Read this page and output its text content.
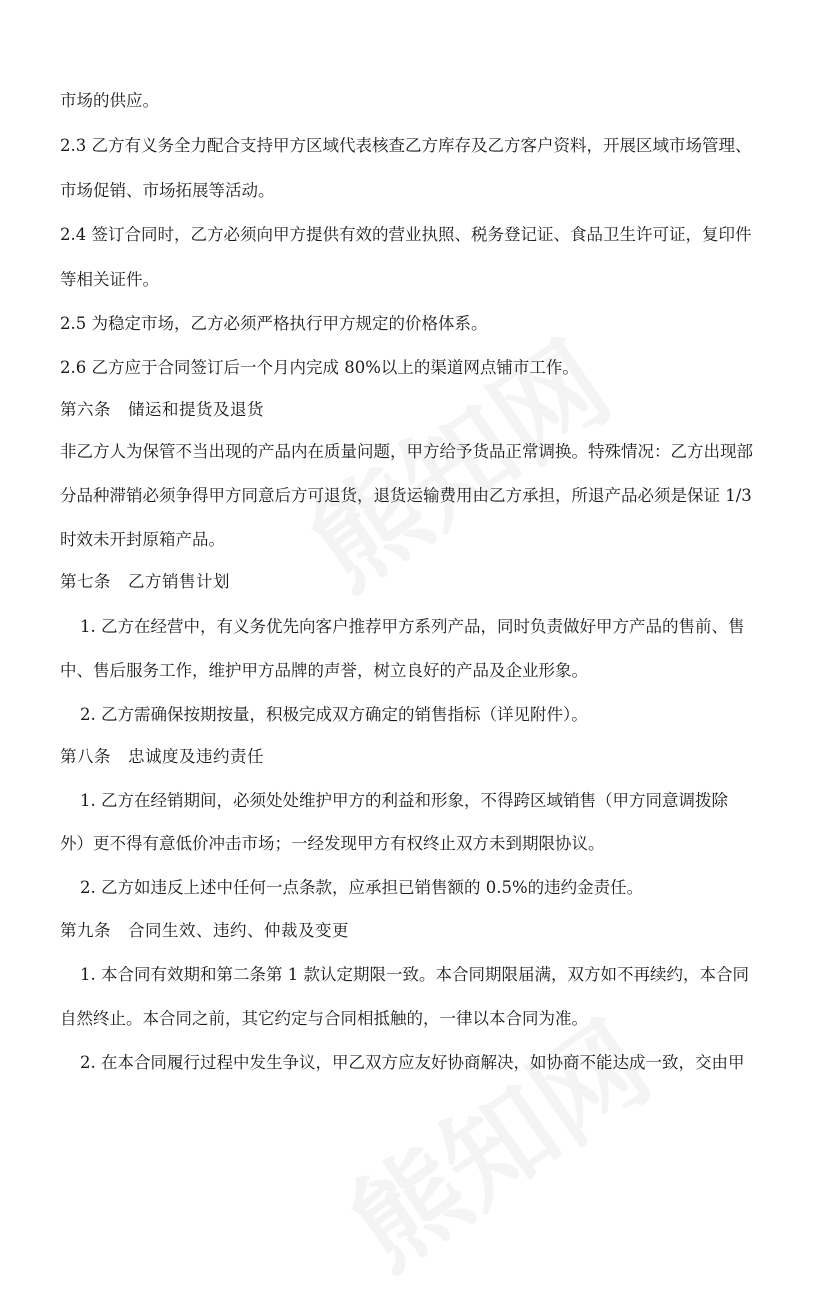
市场的供应。
2.3 乙方有义务全力配合支持甲方区域代表核查乙方库存及乙方客户资料，开展区域市场管理、
市场促销、市场拓展等活动。
2.4 签订合同时，乙方必须向甲方提供有效的营业执照、税务登记证、食品卫生许可证，复印件
等相关证件。
2.5 为稳定市场，乙方必须严格执行甲方规定的价格体系。
2.6 乙方应于合同签订后一个月内完成 80%以上的渠道网点铺市工作。
第六条　储运和提货及退货
非乙方人为保管不当出现的产品内在质量问题，甲方给予货品正常调换。特殊情况：乙方出现部
分品种滞销必须争得甲方同意后方可退货，退货运输费用由乙方承担，所退产品必须是保证 1/3
时效未开封原箱产品。
第七条　乙方销售计划
1. 乙方在经营中，有义务优先向客户推荐甲方系列产品，同时负责做好甲方产品的售前、售
中、售后服务工作，维护甲方品牌的声誉，树立良好的产品及企业形象。
2. 乙方需确保按期按量，积极完成双方确定的销售指标（详见附件）。
第八条　忠诚度及违约责任
1. 乙方在经销期间，必须处处维护甲方的利益和形象，不得跨区域销售（甲方同意调拨除
外）更不得有意低价冲击市场；一经发现甲方有权终止双方未到期限协议。
2. 乙方如违反上述中任何一点条款，应承担已销售额的 0.5%的违约金责任。
第九条　合同生效、违约、仲裁及变更
1. 本合同有效期和第二条第 1 款认定期限一致。本合同期限届满，双方如不再续约，本合同
自然终止。本合同之前，其它约定与合同相抵触的，一律以本合同为准。
2. 在本合同履行过程中发生争议，甲乙双方应友好协商解决，如协商不能达成一致，交由甲
